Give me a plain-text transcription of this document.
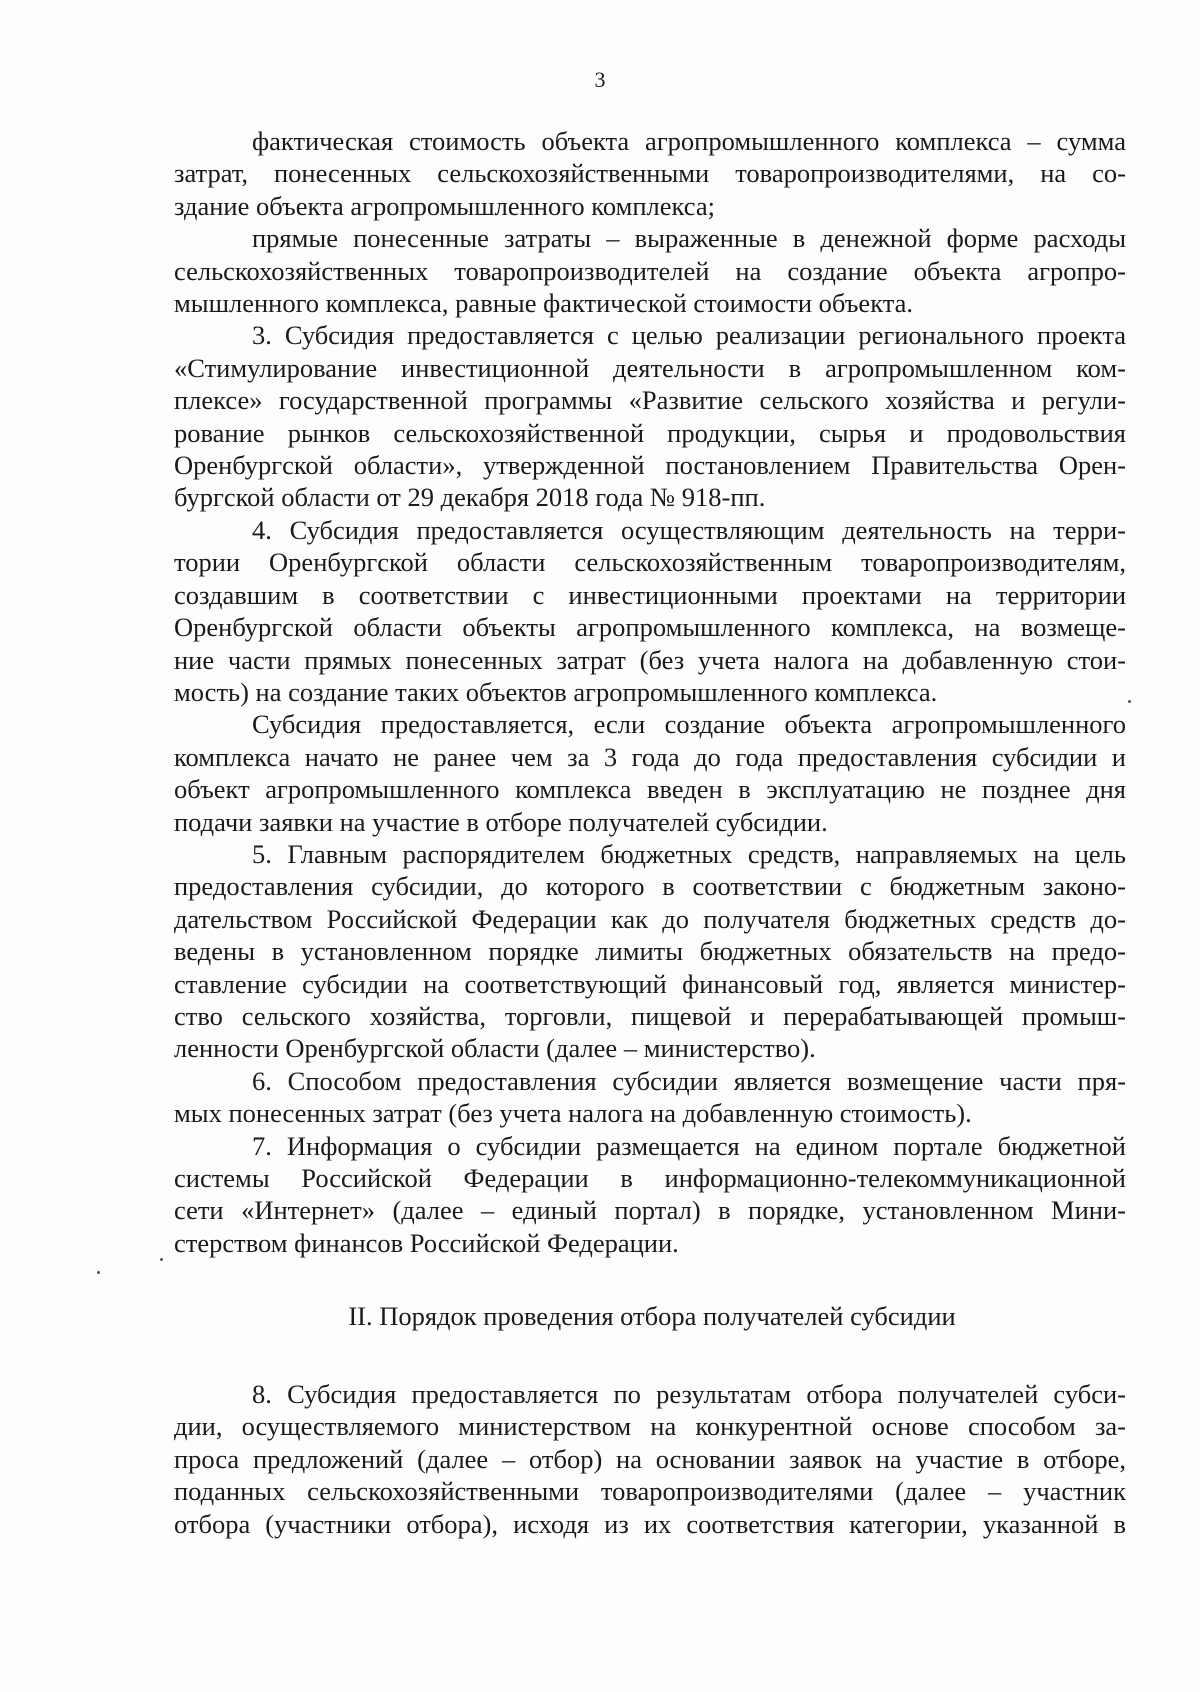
3
фактическая стоимость объекта агропромышленного комплекса – сумма
затрат, понесенных сельскохозяйственными товаропроизводителями, на со-
здание объекта агропромышленного комплекса;
прямые понесенные затраты – выраженные в денежной форме расходы
сельскохозяйственных товаропроизводителей на создание объекта агропро-
мышленного комплекса, равные фактической стоимости объекта.
3. Субсидия предоставляется с целью реализации регионального проекта
«Стимулирование инвестиционной деятельности в агропромышленном ком-
плексе» государственной программы «Развитие сельского хозяйства и регули-
рование рынков сельскохозяйственной продукции, сырья и продовольствия
Оренбургской области», утвержденной постановлением Правительства Орен-
бургской области от 29 декабря 2018 года № 918-пп.
4. Субсидия предоставляется осуществляющим деятельность на терри-
тории Оренбургской области сельскохозяйственным товаропроизводителям,
создавшим в соответствии с инвестиционными проектами на территории
Оренбургской области объекты агропромышленного комплекса, на возмеще-
ние части прямых понесенных затрат (без учета налога на добавленную стои-
мость) на создание таких объектов агропромышленного комплекса.
Субсидия предоставляется, если создание объекта агропромышленного
комплекса начато не ранее чем за 3 года до года предоставления субсидии и
объект агропромышленного комплекса введен в эксплуатацию не позднее дня
подачи заявки на участие в отборе получателей субсидии.
5. Главным распорядителем бюджетных средств, направляемых на цель
предоставления субсидии, до которого в соответствии с бюджетным законо-
дательством Российской Федерации как до получателя бюджетных средств до-
ведены в установленном порядке лимиты бюджетных обязательств на предо-
ставление субсидии на соответствующий финансовый год, является министер-
ство сельского хозяйства, торговли, пищевой и перерабатывающей промыш-
ленности Оренбургской области (далее – министерство).
6. Способом предоставления субсидии является возмещение части пря-
мых понесенных затрат (без учета налога на добавленную стоимость).
7. Информация о субсидии размещается на едином портале бюджетной
системы Российской Федерации в информационно-телекоммуникационной
сети «Интернет» (далее – единый портал) в порядке, установленном Мини-
стерством финансов Российской Федерации.
II. Порядок проведения отбора получателей субсидии
8. Субсидия предоставляется по результатам отбора получателей субси-
дии, осуществляемого министерством на конкурентной основе способом за-
проса предложений (далее – отбор) на основании заявок на участие в отборе,
поданных сельскохозяйственными товаропроизводителями (далее – участник
отбора (участники отбора), исходя из их соответствия категории, указанной в
